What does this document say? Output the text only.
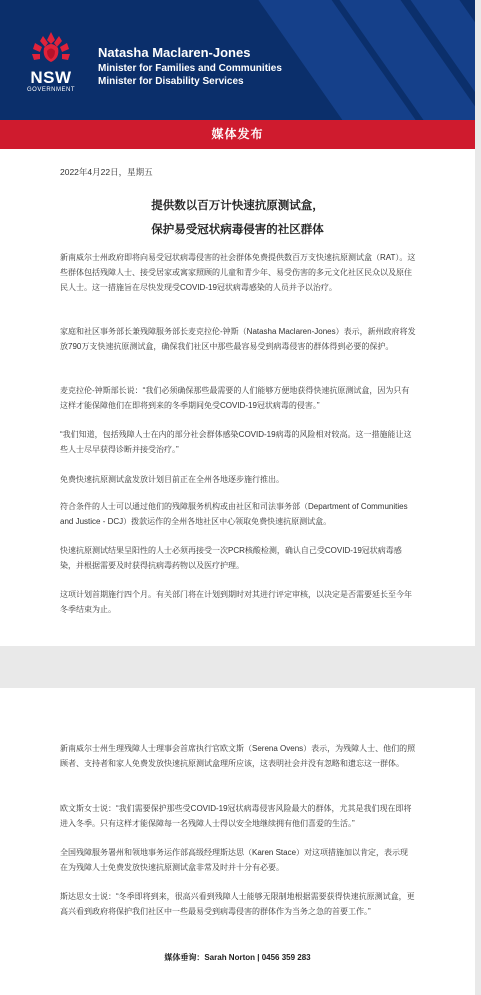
NSW
GOVERNMENT
Natasha Maclaren-Jones
Minister for Families and Communities
Minister for Disability Services
媒体发布
2022年4月22日，星期五
提供数以百万计快速抗原测试盒，
保护易受冠状病毒侵害的社区群体

新南威尔士州政府即将向易受冠状病毒侵害的社会群体免费提供数百万支快速抗原测试盒（RAT）。这些群体包括残障人士、接受居家或寓家照顾的儿童和青少年、易受伤害的多元文化社区民众以及原住民人士。这一措施旨在尽快发现受COVID-19冠状病毒感染的人员并予以治疗。

家庭和社区事务部长兼残障服务部长麦克拉伦-钟斯（Natasha Maclaren-Jones）表示，新州政府将发放790万支快速抗原测试盒，确保我们社区中那些最容易受到病毒侵害的群体得到必要的保护。

麦克拉伦-钟斯部长说：“我们必须确保那些最需要的人们能够方便地获得快速抗原测试盒，因为只有这样才能保障他们在即将到来的冬季期间免受COVID-19冠状病毒的侵害。”

“我们知道，包括残障人士在内的部分社会群体感染COVID-19病毒的风险相对较高。这一措施能让这些人士尽早获得诊断并接受治疗。”

免费快速抗原测试盒发放计划目前正在全州各地逐步施行推出。

符合条件的人士可以通过他们的残障服务机构或由社区和司法事务部（Department of Communities and Justice - DCJ）拨款运作的全州各地社区中心领取免费快速抗原测试盒。

快速抗原测试结果呈阳性的人士必须再接受一次PCR核酸检测，确认自己受COVID-19冠状病毒感染，并根据需要及时获得抗病毒药物以及医疗护理。

这项计划首期施行四个月。有关部门将在计划到期时对其进行评定审核，以决定是否需要延长至今年冬季结束为止。

新南威尔士州生理残障人士理事会首席执行官欧文斯（Serena Ovens）表示，为残障人士、他们的照顾者、支持者和家人免费发放快速抗原测试盒理所应该，这表明社会并没有忽略和遗忘这一群体。

欧文斯女士说：“我们需要保护那些受COVID-19冠状病毒侵害风险最大的群体，尤其是我们现在即将进入冬季。只有这样才能保障每一名残障人士得以安全地继续拥有他们喜爱的生活。”

全国残障服务署州和领地事务运作部高级经理斯达思（Karen Stace）对这项措施加以肯定，表示现在为残障人士免费发放快速抗原测试盒非常及时并十分有必要。

斯达思女士说：“冬季即将到来，很高兴看到残障人士能够无限制地根据需要获得快速抗原测试盒，更高兴看到政府将保护我们社区中一些最易受到病毒侵害的群体作为当务之急的首要工作。”

媒体垂询：Sarah Norton | 0456 359 283
